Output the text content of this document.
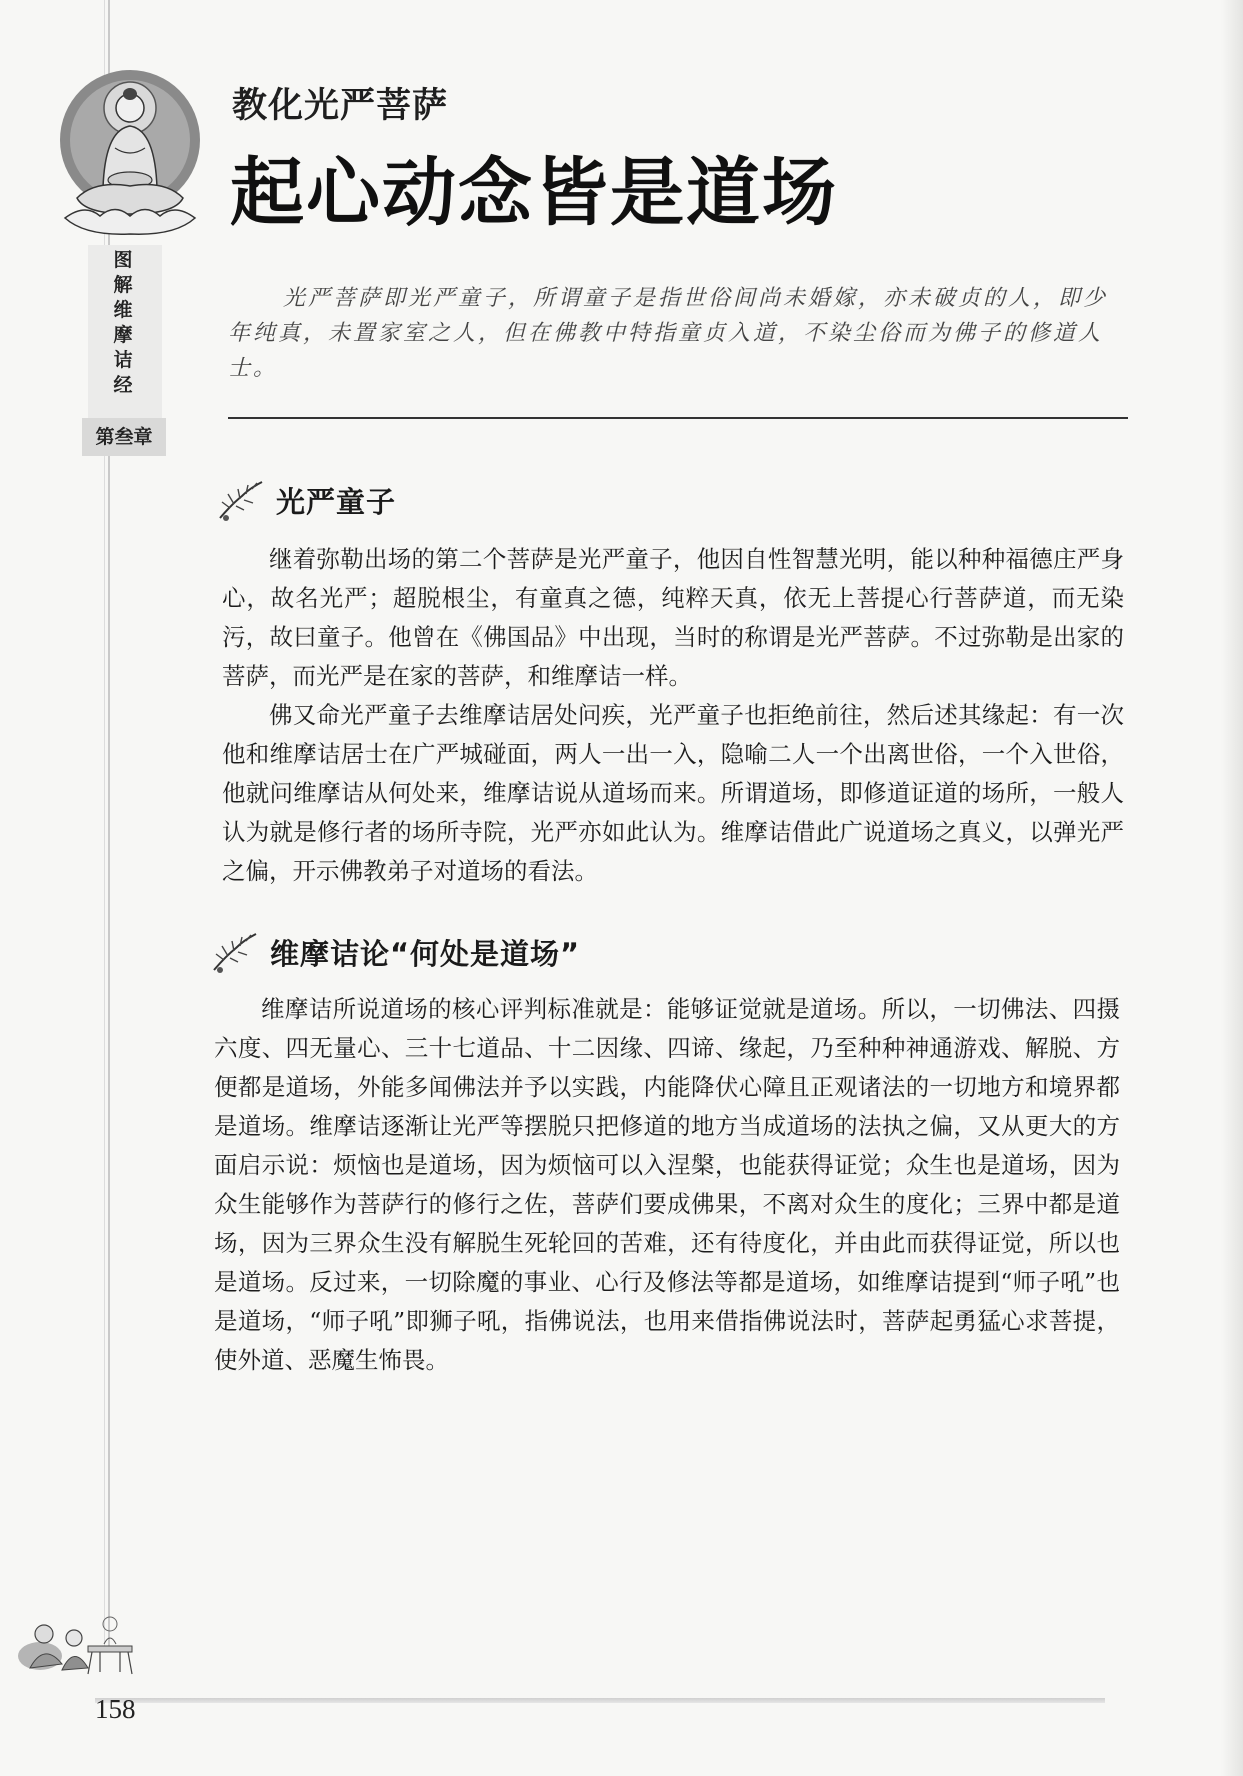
图
解
维
摩
诘
经
第叁章
教化光严菩萨
起心动念皆是道场

光严菩萨即光严童子，所谓童子是指世俗间尚未婚嫁，亦未破贞的人，即少年纯真，未置家室之人，但在佛教中特指童贞入道，不染尘俗而为佛子的修道人士。

光严童子

继着弥勒出场的第二个菩萨是光严童子，他因自性智慧光明，能以种种福德庄严身心，故名光严；超脱根尘，有童真之德，纯粹天真，依无上菩提心行菩萨道，而无染污，故曰童子。他曾在《佛国品》中出现，当时的称谓是光严菩萨。不过弥勒是出家的菩萨，而光严是在家的菩萨，和维摩诘一样。

佛又命光严童子去维摩诘居处问疾，光严童子也拒绝前往，然后述其缘起：有一次他和维摩诘居士在广严城碰面，两人一出一入，隐喻二人一个出离世俗，一个入世俗，他就问维摩诘从何处来，维摩诘说从道场而来。所谓道场，即修道证道的场所，一般人认为就是修行者的场所寺院，光严亦如此认为。维摩诘借此广说道场之真义，以弹光严之偏，开示佛教弟子对道场的看法。

维摩诘论“何处是道场”

维摩诘所说道场的核心评判标准就是：能够证觉就是道场。所以，一切佛法、四摄六度、四无量心、三十七道品、十二因缘、四谛、缘起，乃至种种神通游戏、解脱、方便都是道场，外能多闻佛法并予以实践，内能降伏心障且正观诸法的一切地方和境界都是道场。维摩诘逐渐让光严等摆脱只把修道的地方当成道场的法执之偏，又从更大的方面启示说：烦恼也是道场，因为烦恼可以入涅槃，也能获得证觉；众生也是道场，因为众生能够作为菩萨行的修行之佐，菩萨们要成佛果，不离对众生的度化；三界中都是道场，因为三界众生没有解脱生死轮回的苦难，还有待度化，并由此而获得证觉，所以也是道场。反过来，一切除魔的事业、心行及修法等都是道场，如维摩诘提到“师子吼”也是道场，“师子吼”即狮子吼，指佛说法，也用来借指佛说法时，菩萨起勇猛心求菩提，使外道、恶魔生怖畏。

158
